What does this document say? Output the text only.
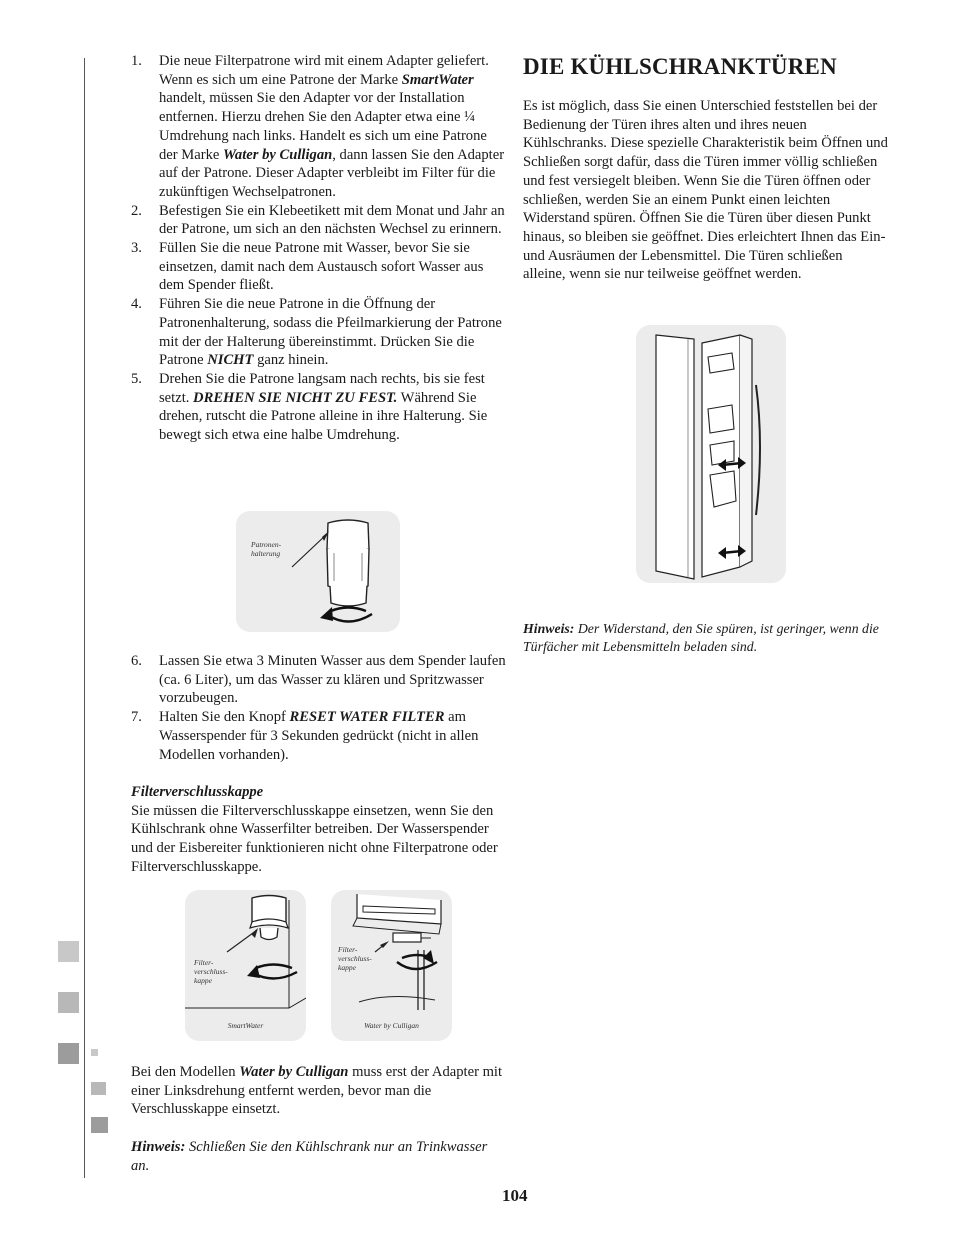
1. Die neue Filterpatrone wird mit einem Adapter geliefert. Wenn es sich um eine Patrone der Marke SmartWater handelt, müssen Sie den Adapter vor der Installation entfernen. Hierzu drehen Sie den Adapter etwa eine ¼ Umdrehung nach links. Handelt es sich um eine Patrone der Marke Water by Culligan, dann lassen Sie den Adapter auf der Patrone. Dieser Adapter verbleibt im Filter für die zukünftigen Wechselpatronen.
2. Befestigen Sie ein Klebeetikett mit dem Monat und Jahr an der Patrone, um sich an den nächsten Wechsel zu erinnern.
3. Füllen Sie die neue Patrone mit Wasser, bevor Sie sie einsetzen, damit nach dem Austausch sofort Wasser aus dem Spender fließt.
4. Führen Sie die neue Patrone in die Öffnung der Patronenhalterung, sodass die Pfeilmarkierung der Patrone mit der der Halterung übereinstimmt. Drücken Sie die Patrone NICHT ganz hinein.
5. Drehen Sie die Patrone langsam nach rechts, bis sie fest setzt. DREHEN SIE NICHT ZU FEST. Während Sie drehen, rutscht die Patrone alleine in ihre Halterung. Sie bewegt sich etwa eine halbe Umdrehung.
Patronen-
halterung
6. Lassen Sie etwa 3 Minuten Wasser aus dem Spender laufen (ca. 6 Liter), um das Wasser zu klären und Spritzwasser vorzubeugen.
7. Halten Sie den Knopf RESET WATER FILTER am Wasserspender für 3 Sekunden gedrückt (nicht in allen Modellen vorhanden).

Filterverschlusskappe

Sie müssen die Filterverschlusskappe einsetzen, wenn Sie den Kühlschrank ohne Wasserfilter betreiben. Der Wasserspender und der Eisbereiter funktionieren nicht ohne Filterpatrone oder Filterverschlusskappe.

Filter-
verschluss-
kappe
SmartWater
Filter-
verschluss-
kappe
Water by Culligan

Bei den Modellen Water by Culligan muss erst der Adapter mit einer Linksdrehung entfernt werden, bevor man die Verschlusskappe einsetzt.

Hinweis: Schließen Sie den Kühlschrank nur an Trinkwasser an.

DIE KÜHLSCHRANKTÜREN

Es ist möglich, dass Sie einen Unterschied feststellen bei der Bedienung der Türen ihres alten und ihres neuen Kühlschranks. Diese spezielle Charakteristik beim Öffnen und Schließen sorgt dafür, dass die Türen immer völlig schließen und fest versiegelt bleiben. Wenn Sie die Türen öffnen oder schließen, werden Sie an einem Punkt einen leichten Widerstand spüren. Öffnen Sie die Türen über diesen Punkt hinaus, so bleiben sie geöffnet. Dies erleichtert Ihnen das Ein- und Ausräumen der Lebensmittel. Die Türen schließen alleine, wenn sie nur teilweise geöffnet werden.

Hinweis: Der Widerstand, den Sie spüren, ist geringer, wenn die Türfächer mit Lebensmitteln beladen sind.

104
